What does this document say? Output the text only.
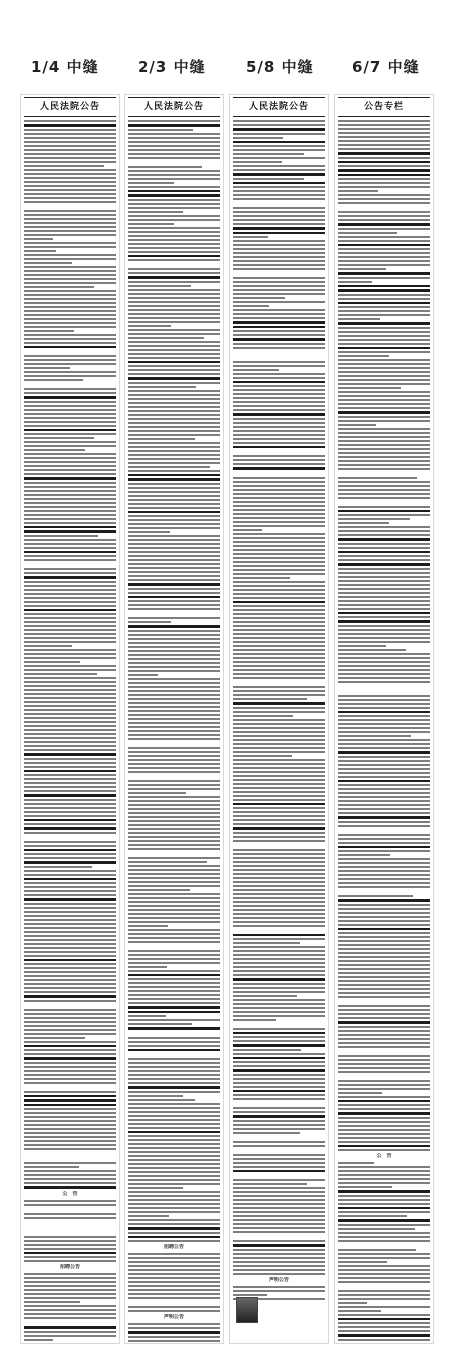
1/4 中缝	2/3 中缝	5/8 中缝	6/7 中缝
人民法院公告
公　告
招聘公告
人民法院公告
招聘公告
声明公告
人民法院公告
声明公告
公告专栏
公　告
